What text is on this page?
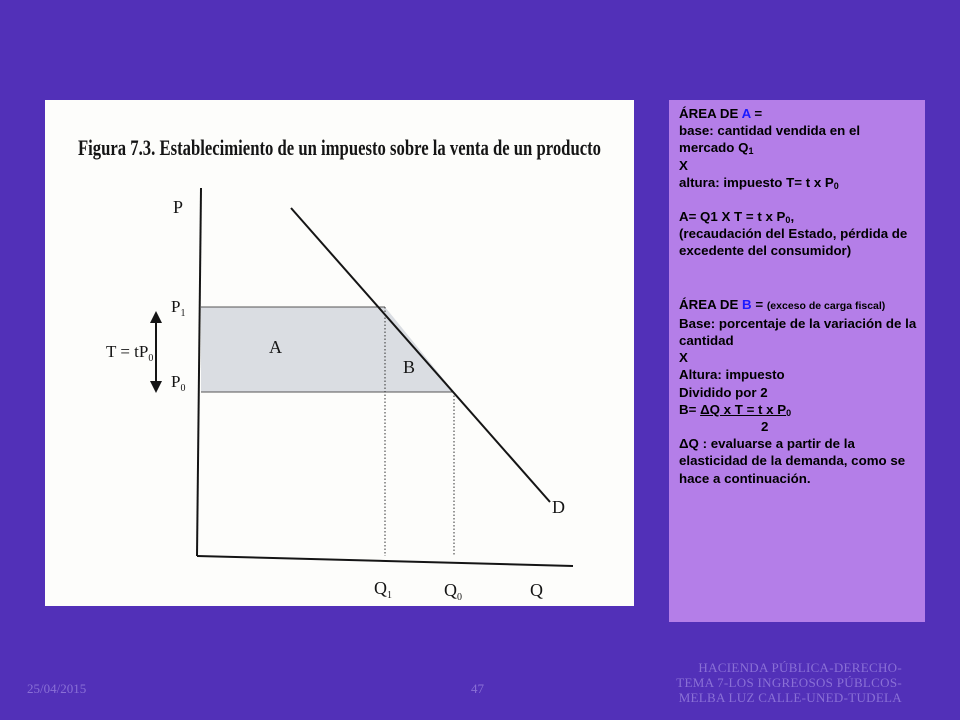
Figura 7.3. Establecimiento de un impuesto sobre la venta de un producto
P
$P_1$
$P_0$
$T = tP_0$
A
B
D
$Q_1$	$Q_0$	Q

ÁREA DE A =

base: cantidad vendida en el mercado $Q_1$

X

altura: impuesto T= t x $P_0$

A= Q1 X T = t x $P_0$,

(recaudación del Estado, pérdida de excedente del consumidor)

ÁREA DE B = (exceso de carga fiscal)

Base: porcentaje de la variación de la cantidad

X

Altura: impuesto

Dividido por 2

B= ΔQ x T = t x $P_0$

2

ΔQ : evaluarse a partir de la elasticidad de la demanda, como se hace a continuación.

25/04/2015	47
HACIENDA PÚBLICA-DERECHO-
TEMA 7-LOS INGREOSOS PÚBLCOS-
MELBA LUZ CALLE-UNED-TUDELA
